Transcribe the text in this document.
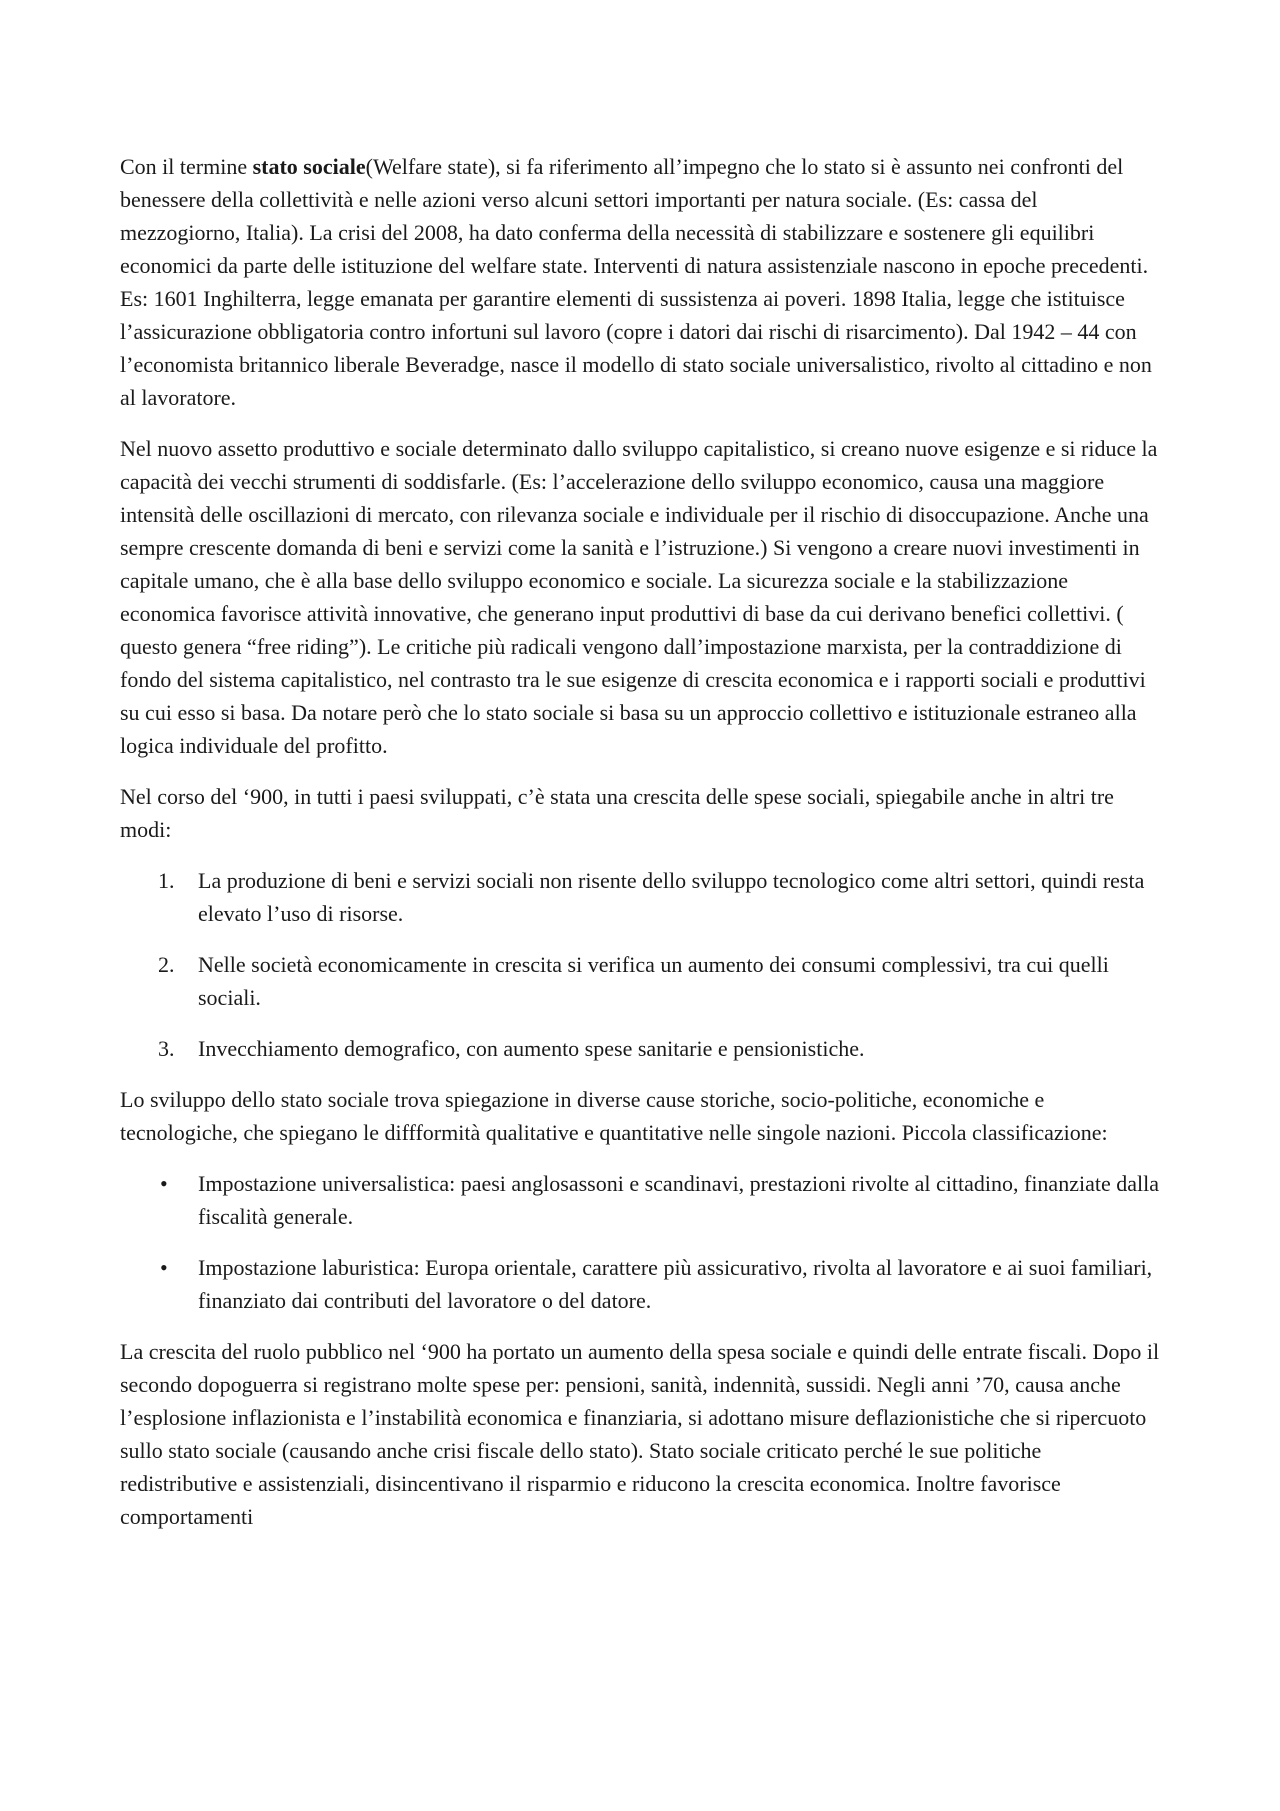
Con il termine stato sociale(Welfare state), si fa riferimento all’impegno che lo stato si è assunto nei confronti del benessere della collettività e nelle azioni verso alcuni settori importanti per natura sociale. (Es: cassa del mezzogiorno, Italia). La crisi del 2008, ha dato conferma della necessità di stabilizzare e sostenere gli equilibri economici da parte delle istituzione del welfare state. Interventi di natura assistenziale nascono in epoche precedenti. Es: 1601 Inghilterra, legge emanata per garantire elementi di sussistenza ai poveri. 1898 Italia, legge che istituisce l’assicurazione obbligatoria contro infortuni sul lavoro (copre i datori dai rischi di risarcimento). Dal 1942 – 44 con l’economista britannico liberale Beveradge, nasce il modello di stato sociale universalistico, rivolto al cittadino e non al lavoratore.

Nel nuovo assetto produttivo e sociale determinato dallo sviluppo capitalistico, si creano nuove esigenze e si riduce la capacità dei vecchi strumenti di soddisfarle. (Es: l’accelerazione dello sviluppo economico, causa una maggiore intensità delle oscillazioni di mercato, con rilevanza sociale e individuale per il rischio di disoccupazione. Anche una sempre crescente domanda di beni e servizi come la sanità e l’istruzione.) Si vengono a creare nuovi investimenti in capitale umano, che è alla base dello sviluppo economico e sociale. La sicurezza sociale e la stabilizzazione economica favorisce attività innovative, che generano input produttivi di base da cui derivano benefici collettivi. ( questo genera “free riding”). Le critiche più radicali vengono dall’impostazione marxista, per la contraddizione di fondo del sistema capitalistico, nel contrasto tra le sue esigenze di crescita economica e i rapporti sociali e produttivi su cui esso si basa. Da notare però che lo stato sociale si basa su un approccio collettivo e istituzionale estraneo alla logica individuale del profitto.

Nel corso del ‘900, in tutti i paesi sviluppati, c’è stata una crescita delle spese sociali, spiegabile anche in altri tre modi:

1.	La produzione di beni e servizi sociali non risente dello sviluppo tecnologico come altri settori, quindi resta elevato l’uso di risorse.
2.	Nelle società economicamente in crescita si verifica un aumento dei consumi complessivi, tra cui quelli sociali.
3.	Invecchiamento demografico, con aumento spese sanitarie e pensionistiche.

Lo sviluppo dello stato sociale trova spiegazione in diverse cause storiche, socio-politiche, economiche e tecnologiche, che spiegano le diffformità qualitative e quantitative nelle singole nazioni. Piccola classificazione:

•	Impostazione universalistica: paesi anglosassoni e scandinavi, prestazioni rivolte al cittadino, finanziate dalla fiscalità generale.
•	Impostazione laburistica: Europa orientale, carattere più assicurativo, rivolta al lavoratore e ai suoi familiari, finanziato dai contributi del lavoratore o del datore.

La crescita del ruolo pubblico nel ‘900 ha portato un aumento della spesa sociale e quindi delle entrate fiscali. Dopo il secondo dopoguerra si registrano molte spese per: pensioni, sanità, indennità, sussidi. Negli anni ’70, causa anche l’esplosione inflazionista e l’instabilità economica e finanziaria, si adottano misure deflazionistiche che si ripercuoto sullo stato sociale (causando anche crisi fiscale dello stato). Stato sociale criticato perché le sue politiche redistributive e assistenziali, disincentivano il risparmio e riducono la crescita economica. Inoltre favorisce comportamenti
